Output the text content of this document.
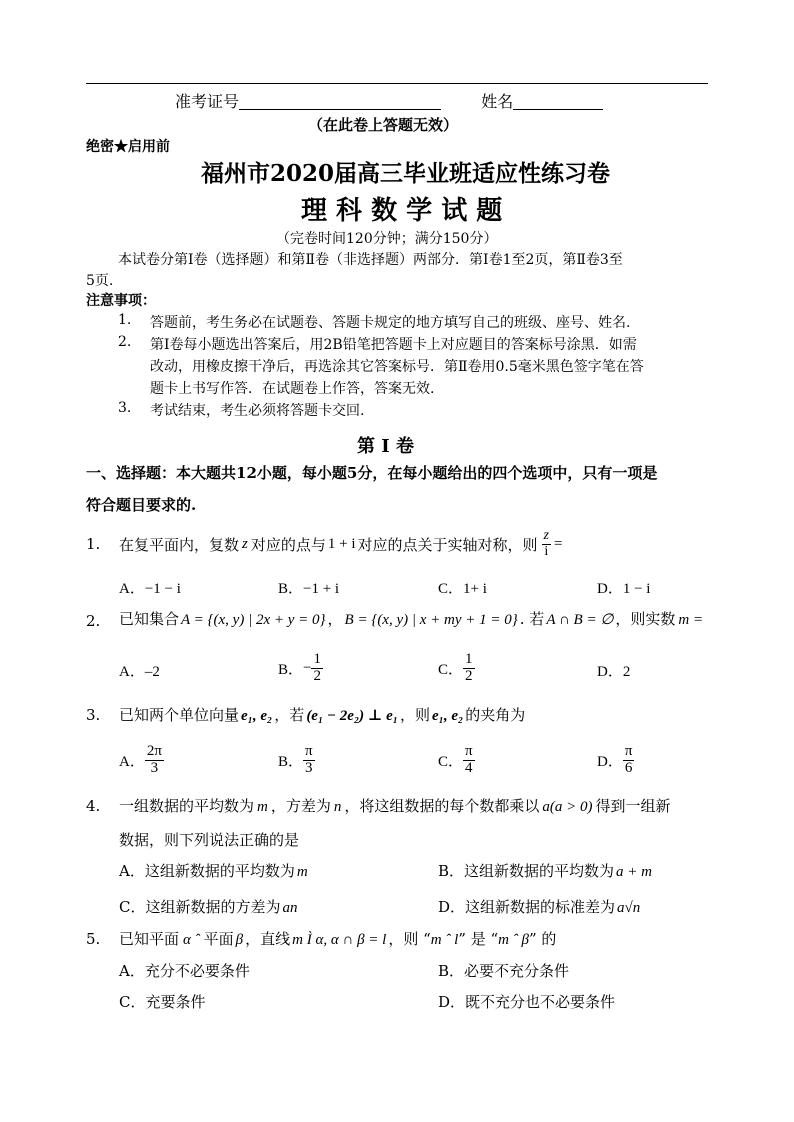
准考证号	姓名
（在此卷上答题无效）
绝密★启用前
福州市2020届高三毕业班适应性练习卷
理 科 数 学 试 题
（完卷时间120分钟；满分150分）
本试卷分第Ⅰ卷（选择题）和第Ⅱ卷（非选择题）两部分．第Ⅰ卷1至2页，第Ⅱ卷3至
5页.
注意事项：
1. 答题前，考生务必在试题卷、答题卡规定的地方填写自己的班级、座号、姓名.
2. 第Ⅰ卷每小题选出答案后，用2B铅笔把答题卡上对应题目的答案标号涂黑．如需
改动，用橡皮擦干净后，再选涂其它答案标号．第Ⅱ卷用0.5毫米黑色签字笔在答
题卡上书写作答．在试题卷上作答，答案无效.
3. 考试结束，考生必须将答题卡交回.
第 Ⅰ 卷
一、选择题：本大题共12小题，每小题5分，在每小题给出的四个选项中，只有一项是
符合题目要求的.
1. 在复平面内，复数 z 对应的点与 1 + i 对应的点关于实轴对称，则 $\frac{z}{i}$ =
A．−1 − i	B．−1 + i	C．1+ i	D．1 − i
2. 已知集合 A = {(x, y) | 2x + y = 0} ， B = {(x, y) | x + my + 1 = 0} . 若 A ∩ B = ∅ ，则实数 m =
A．–2	B． − $\frac{1}{2}$	C． $\frac{1}{2}$	D．2
3. 已知两个单位向量 e₁, e₂ ，若 (e₁ − 2e₂) ⊥ e₁ ，则 e₁, e₂ 的夹角为
A． $\frac{2\pi}{3}$	B． $\frac{\pi}{3}$	C． $\frac{\pi}{4}$	D． $\frac{\pi}{6}$
4. 一组数据的平均数为 m ，方差为 n ，将这组数据的每个数都乘以 a(a > 0) 得到一组新
数据，则下列说法正确的是
A．这组新数据的平均数为 m	B．这组新数据的平均数为 a + m
C．这组新数据的方差为 an	D．这组新数据的标准差为 a√n
5. 已知平面 α ˆ 平面 β ，直线 m Ì α, α ∩ β = l ，则 “m ˆ l” 是 “m ˆ β” 的
A．充分不必要条件	B．必要不充分条件
C．充要条件	D．既不充分也不必要条件
